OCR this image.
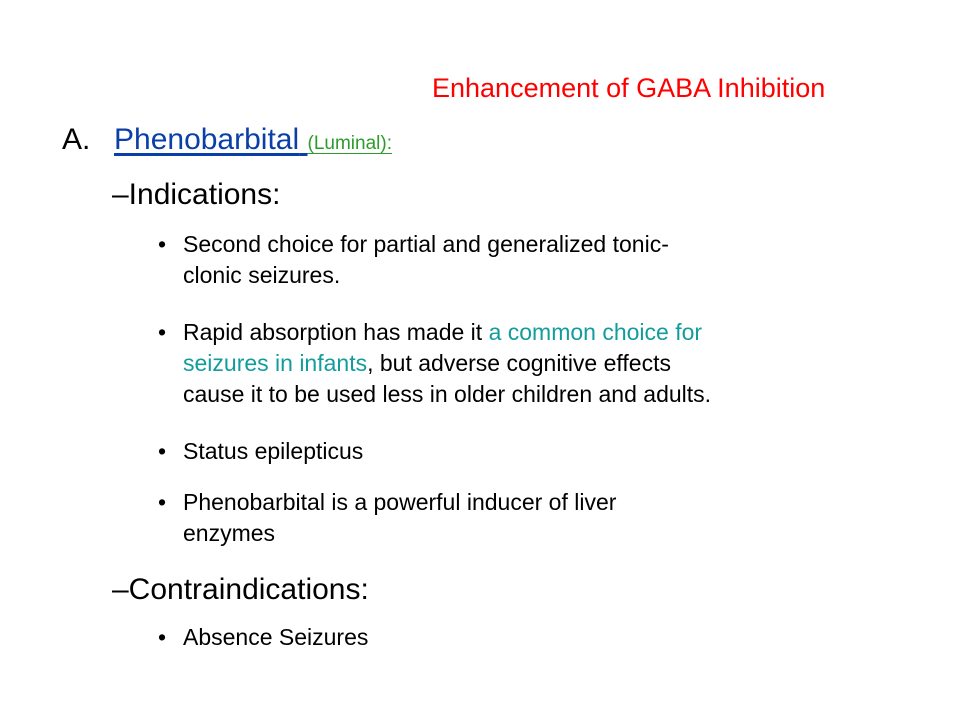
Enhancement of GABA Inhibition
A. Phenobarbital (Luminal):
–Indications:
• Second choice for partial and generalized tonic-
clonic seizures.
• Rapid absorption has made it a common choice for
seizures in infants, but adverse cognitive effects
cause it to be used less in older children and adults.
• Status epilepticus
• Phenobarbital is a powerful inducer of liver
enzymes
–Contraindications:
• Absence Seizures
